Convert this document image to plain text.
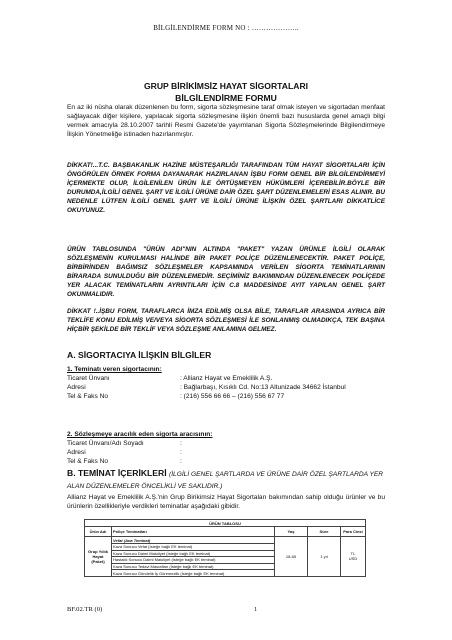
BİLGİLENDİRME FORM NO : ………………..
GRUP BİRİKİMSİZ HAYAT SİGORTALARI
BİLGİLENDİRME FORMU
En az iki nüsha olarak düzenlenen bu form, sigorta sözleşmesine taraf olmak isteyen ve sigortadan menfaat sağlayacak diğer kişilere, yapılacak sigorta sözleşmesine ilişkin önemli bazı hususlarda genel amaçlı bilgi vermek amacıyla 28.10.2007 tarihli Resmi Gazete'de yayımlanan Sigorta Sözleşmelerinde Bilgilendirmeye İlişkin Yönetmeliğe istinaden hazırlanmıştır.
DİKKAT!...T.C. BAŞBAKANLIK HAZİNE MÜSTEŞARLIĞI TARAFINDAN TÜM HAYAT SİGORTALARI İÇİN ÖNGÖRÜLEN ÖRNEK FORMA DAYANARAK HAZIRLANAN İŞBU FORM GENEL BİR BİLGİLENDİRMEYİ İÇERMEKTE OLUP, İLGİLENİLEN ÜRÜN İLE ÖRTÜŞMEYEN HÜKÜMLERİ İÇEREBİLİR.BÖYLE BİR DURUMDA,İLGİLİ GENEL ŞART VE İLGİLİ ÜRÜNE DAİR ÖZEL ŞART DÜZENLEMELERİ ESAS ALINIR. BU NEDENLE LÜTFEN İLGİLİ GENEL ŞART VE İLGİLİ ÜRÜNE İLİŞKİN ÖZEL ŞARTLARI DİKKATLİCE OKUYUNUZ.
ÜRÜN TABLOSUNDA "ÜRÜN ADI"NIN ALTINDA "PAKET" YAZAN ÜRÜNLE İLGİLİ OLARAK SÖZLEŞMENİN KURULMASI HALİNDE BİR PAKET POLİÇE DÜZENLENECEKTİR. PAKET POLİÇE, BİRBİRİNDEN BAĞIMSIZ SÖZLEŞMELER KAPSAMINDA VERİLEN SİGORTA TEMİNATLARININ BİRARADA SUNULDUĞU BİR DÜZENLEMEDİR. SEÇİMİNİZ BAKIMINDAN DÜZENLENECEK POLİÇEDE YER ALACAK TEMİNATLARIN AYRINTILARI İÇİN C.8 MADDESİNDE AYIT YAPILAN GENEL ŞART OKUNMALIDIR.
DİKKAT !..İŞBU FORM, TARAFLARCA İMZA EDİLMİŞ OLSA BİLE, TARAFLAR ARASINDA AYRICA BİR TEKLİFE KONU EDİLMİŞ VE/VEYA SİGORTA SÖZLEŞMESİ İLE SONLANMIŞ OLMADIKÇA, TEK BAŞINA HİÇBİR ŞEKİLDE BİR TEKLİF VEYA SÖZLEŞME ANLAMINA GELMEZ.
A. SİGORTACIYA İLİŞKİN BİLGİLER
1. Teminatı veren sigortacının:
Ticaret Ünvanı	: Allianz Hayat ve Emeklilik A.Ş.
Adresi	: Bağlarbaşı, Kısıklı Cd. No:13 Altunizade 34662 İstanbul
Tel & Faks No	: (216) 556 66 66 – (216) 556 67 77
2. Sözleşmeye aracılık eden sigorta aracısının:
Ticaret Ünvanı/Adı Soyadı	:
Adresi	:
Tel & Faks No	:
B. TEMİNAT İÇERİKLERİ (İLGİLİ GENEL ŞARTLARDA VE ÜRÜNE DAİR ÖZEL ŞARTLARDA YER ALAN DÜZENLEMELER ÖNCELİKLİ VE SAKLIDIR.)
Allianz Hayat ve Emeklilik A.Ş.'nin Grup Birikimsiz Hayat Sigortaları bakımından sahip olduğu ürünler ve bu ürünlerin özellikleriyle verdikleri teminatlar aşağıdaki gibidir.
ÜRÜN TABLOSU				
Ürün Adı	Poliçe Teminatları	Yaş	Süre	Para Cinsi
Grup Yıllık Hayat (Paket)	Vefat (Ana Teminat)	18-65	1 yıl	TL
USD
	Kaza Sonucu Vefat (İsteğe bağlı EK teminat)			
	Kaza Sonucu Daimi Maluliyet (İsteğe bağlı EK teminat)			
	Hastalık Sonucu Daimi Maluliyet (İsteğe bağlı EK teminat)			
	Kaza Sonucu Tedavi Masrafları (İsteğe bağlı EK teminat)			
	Kaza Sonucu Gündelik İş Göremezlik (İsteğe bağlı EK teminat)			
BF.02.TR (0)	1
